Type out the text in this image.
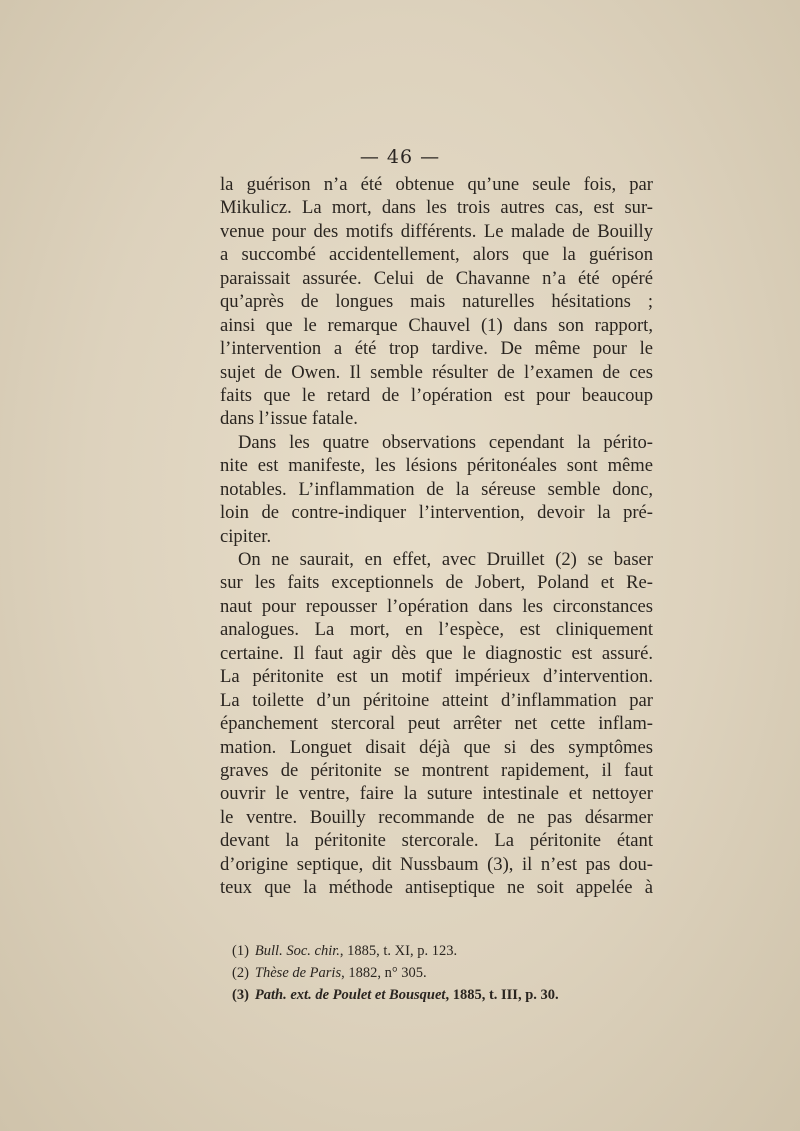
— 46 —
la guérison n’a été obtenue qu’une seule fois, par
Mikulicz. La mort, dans les trois autres cas, est sur-
venue pour des motifs différents. Le malade de Bouilly
a succombé accidentellement, alors que la guérison
paraissait assurée. Celui de Chavanne n’a été opéré
qu’après de longues mais naturelles hésitations ;
ainsi que le remarque Chauvel (1) dans son rapport,
l’intervention a été trop tardive. De même pour le
sujet de Owen. Il semble résulter de l’examen de ces
faits que le retard de l’opération est pour beaucoup
dans l’issue fatale.
Dans les quatre observations cependant la périto-
nite est manifeste, les lésions péritonéales sont même
notables. L’inflammation de la séreuse semble donc,
loin de contre-indiquer l’intervention, devoir la pré-
cipiter.
On ne saurait, en effet, avec Druillet (2) se baser
sur les faits exceptionnels de Jobert, Poland et Re-
naut pour repousser l’opération dans les circonstances
analogues. La mort, en l’espèce, est cliniquement
certaine. Il faut agir dès que le diagnostic est assuré.
La péritonite est un motif impérieux d’intervention.
La toilette d’un péritoine atteint d’inflammation par
épanchement stercoral peut arrêter net cette inflam-
mation. Longuet disait déjà que si des symptômes
graves de péritonite se montrent rapidement, il faut
ouvrir le ventre, faire la suture intestinale et nettoyer
le ventre. Bouilly recommande de ne pas désarmer
devant la péritonite stercorale. La péritonite étant
d’origine septique, dit Nussbaum (3), il n’est pas dou-
teux que la méthode antiseptique ne soit appelée à
(1) Bull. Soc. chir., 1885, t. XI, p. 123.
(2) Thèse de Paris, 1882, n° 305.
(3) Path. ext. de Poulet et Bousquet, 1885, t. III, p. 30.
